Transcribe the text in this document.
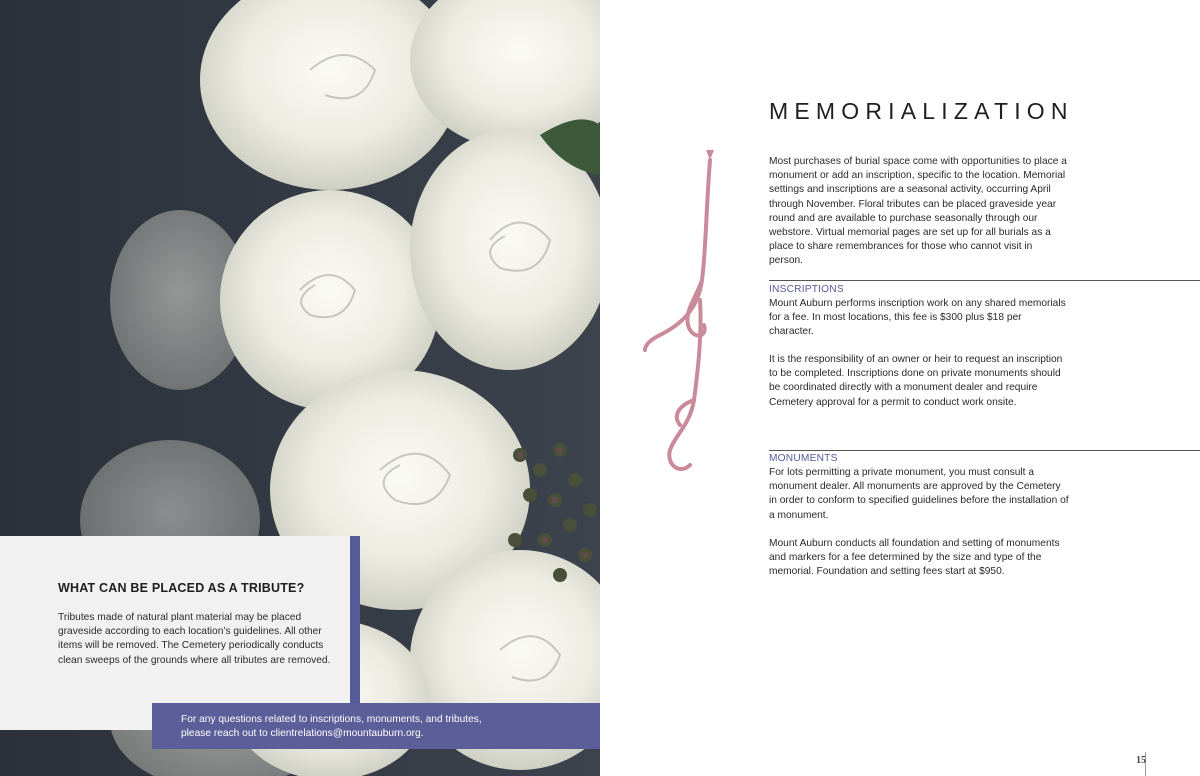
WHAT CAN BE PLACED AS A TRIBUTE?
Tributes made of natural plant material may be placed graveside according to each location’s guidelines. All other items will be removed. The Cemetery periodically conducts clean sweeps of the grounds where all tributes are removed.
MEMORIALIZATION
Most purchases of burial space come with opportunities to place a monument or add an inscription, specific to the location. Memorial settings and inscriptions are a seasonal activity, occurring April through November. Floral tributes can be placed graveside year round and are available to purchase seasonally through our webstore. Virtual memorial pages are set up for all burials as a place to share remembrances for those who cannot visit in person.
INSCRIPTIONS
Mount Auburn performs inscription work on any shared memorials for a fee. In most locations, this fee is $300 plus $18 per character.
It is the responsibility of an owner or heir to request an inscription to be completed. Inscriptions done on private monuments should be coordinated directly with a monument dealer and require Cemetery approval for a permit to conduct work onsite.
MONUMENTS
For lots permitting a private monument, you must consult a monument dealer. All monuments are approved by the Cemetery in order to conform to specified guidelines before the installation of a monument.
Mount Auburn conducts all foundation and setting of monuments and markers for a fee determined by the size and type of the memorial. Foundation and setting fees start at $950.
For any questions related to inscriptions, monuments, and tributes,
please reach out to clientrelations@mountauburn.org.
15
